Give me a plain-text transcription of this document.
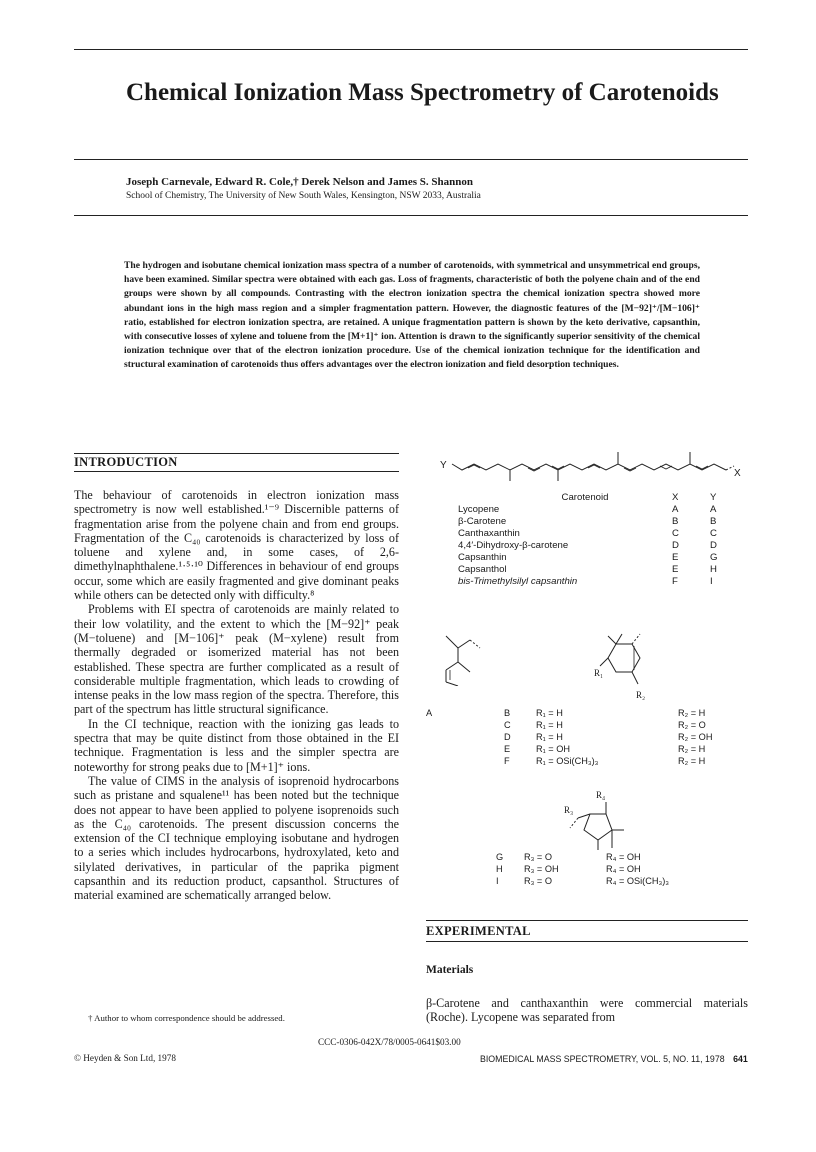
Chemical Ionization Mass Spectrometry of Carotenoids
Joseph Carnevale, Edward R. Cole,† Derek Nelson and James S. Shannon
School of Chemistry, The University of New South Wales, Kensington, NSW 2033, Australia
The hydrogen and isobutane chemical ionization mass spectra of a number of carotenoids, with symmetrical and unsymmetrical end groups, have been examined. Similar spectra were obtained with each gas. Loss of fragments, characteristic of both the polyene chain and of the end groups were shown by all compounds. Contrasting with the electron ionization spectra the chemical ionization spectra showed more abundant ions in the high mass region and a simpler fragmentation pattern. However, the diagnostic features of the [M−92]⁺/[M−106]⁺ ratio, established for electron ionization spectra, are retained. A unique fragmentation pattern is shown by the keto derivative, capsanthin, with consecutive losses of xylene and toluene from the [M+1]⁺ ion. Attention is drawn to the significantly superior sensitivity of the chemical ionization technique over that of the electron ionization procedure. Use of the chemical ionization technique for the identification and structural examination of carotenoids thus offers advantages over the electron ionization and field desorption techniques.
INTRODUCTION

The behaviour of carotenoids in electron ionization mass spectrometry is now well established.¹⁻⁹ Discernible patterns of fragmentation arise from the polyene chain and from end groups. Fragmentation of the C₄₀ carotenoids is characterized by loss of toluene and xylene and, in some cases, of 2,6-dimethylnaphthalene.¹·⁵·¹⁰ Differences in behaviour of end groups occur, some which are easily fragmented and give dominant peaks while others can be detected only with difficulty.⁸

Problems with EI spectra of carotenoids are mainly related to their low volatility, and the extent to which the [M−92]⁺ peak (M−toluene) and [M−106]⁺ peak (M−xylene) result from thermally degraded or isomerized material has not been established. These spectra are further complicated as a result of considerable multiple fragmentation, which leads to crowding of intense peaks in the low mass region of the spectra. Therefore, this part of the spectrum has little structural significance.

In the CI technique, reaction with the ionizing gas leads to spectra that may be quite distinct from those obtained in the EI technique. Fragmentation is less and the simpler spectra are noteworthy for strong peaks due to [M+1]⁺ ions.

The value of CIMS in the analysis of isoprenoid hydrocarbons such as pristane and squalene¹¹ has been noted but the technique does not appear to have been applied to polyene isoprenoids such as the C₄₀ carotenoids. The present discussion concerns the extension of the CI technique employing isobutane and hydrogen to a series which includes hydrocarbons, hydroxylated, keto and silylated derivatives, in particular of the paprika pigment capsanthin and its reduction product, capsanthol. Structures of material examined are schematically arranged below.

† Author to whom correspondence should be addressed.
Y
X
Carotenoid	X	Y
Lycopene	A	A
β-Carotene	B	B
Canthaxanthin	C	C
4,4′-Dihydroxy-β-carotene	D	D
Capsanthin	E	G
Capsanthol	E	H
bis-Trimethylsilyl capsanthin	F	I
R₁
R₂
A	B	R₁ = H	R₂ = H
C	R₁ = H	R₂ = O
D	R₁ = H	R₂ = OH
E	R₁ = OH	R₂ = H
F	R₁ = OSi(CH₃)₃	R₂ = H
R₄
R₃
G	R₃ = O	R₄ = OH
H	R₃ = OH	R₄ = OH
I	R₃ = O	R₄ = OSi(CH₃)₃
EXPERIMENTAL
Materials
β-Carotene and canthaxanthin were commercial materials (Roche). Lycopene was separated from
CCC-0306-042X/78/0005-0641$03.00
© Heyden & Son Ltd, 1978	BIOMEDICAL MASS SPECTROMETRY, VOL. 5, NO. 11, 1978 641
